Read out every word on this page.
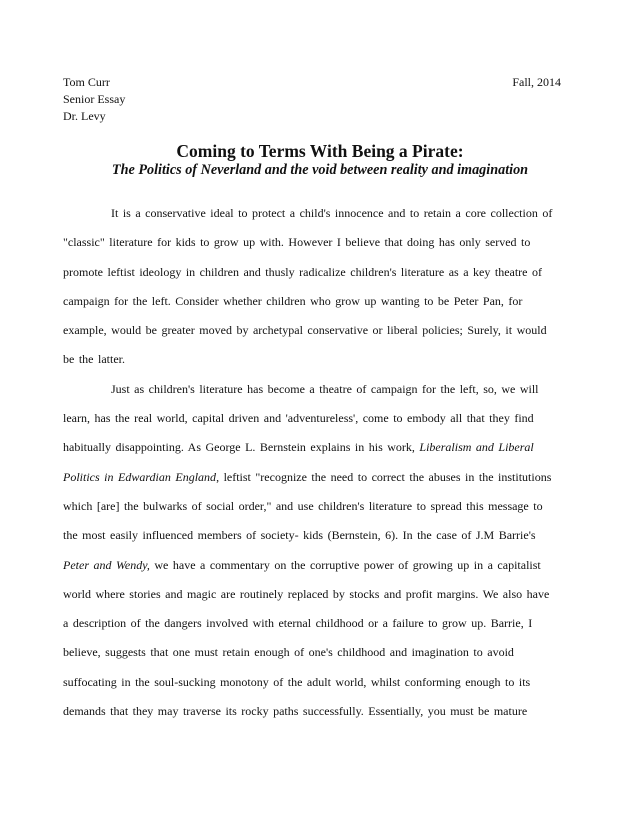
Tom Curr	Fall, 2014
Senior Essay
Dr. Levy
Coming to Terms With Being a Pirate:
The Politics of Neverland and the void between reality and imagination
It is a conservative ideal to protect a child's innocence and to retain a core collection of
"classic" literature for kids to grow up with. However I believe that doing has only served to
promote leftist ideology in children and thusly radicalize children's literature as a key theatre of
campaign for the left. Consider whether children who grow up wanting to be Peter Pan, for
example, would be greater moved by archetypal conservative or liberal policies; Surely, it would
be the latter.
Just as children's literature has become a theatre of campaign for the left, so, we will
learn, has the real world, capital driven and 'adventureless', come to embody all that they find
habitually disappointing. As George L. Bernstein explains in his work, Liberalism and Liberal
Politics in Edwardian England, leftist "recognize the need to correct the abuses in the institutions
which [are] the bulwarks of social order," and use children's literature to spread this message to
the most easily influenced members of society- kids (Bernstein, 6). In the case of J.M Barrie's
Peter and Wendy, we have a commentary on the corruptive power of growing up in a capitalist
world where stories and magic are routinely replaced by stocks and profit margins. We also have
a description of the dangers involved with eternal childhood or a failure to grow up. Barrie, I
believe, suggests that one must retain enough of one's childhood and imagination to avoid
suffocating in the soul-sucking monotony of the adult world, whilst conforming enough to its
demands that they may traverse its rocky paths successfully. Essentially, you must be mature
